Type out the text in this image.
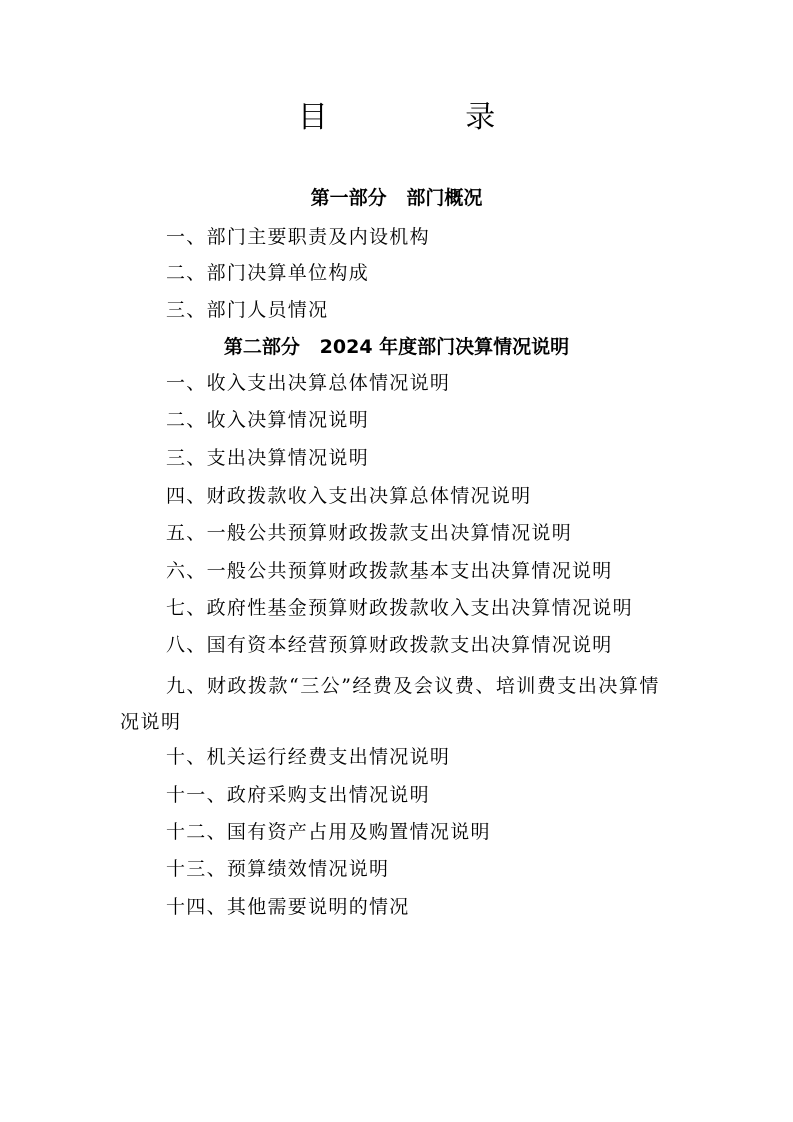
目 录
第一部分   部门概况
一、部门主要职责及内设机构
二、部门决算单位构成
三、部门人员情况
第二部分   2024 年度部门决算情况说明
一、收入支出决算总体情况说明
二、收入决算情况说明
三、支出决算情况说明
四、财政拨款收入支出决算总体情况说明
五、一般公共预算财政拨款支出决算情况说明
六、一般公共预算财政拨款基本支出决算情况说明
七、政府性基金预算财政拨款收入支出决算情况说明
八、国有资本经营预算财政拨款支出决算情况说明
九、财政拨款“三公”经费及会议费、培训费支出决算情况说明
十、机关运行经费支出情况说明
十一、政府采购支出情况说明
十二、国有资产占用及购置情况说明
十三、预算绩效情况说明
十四、其他需要说明的情况
